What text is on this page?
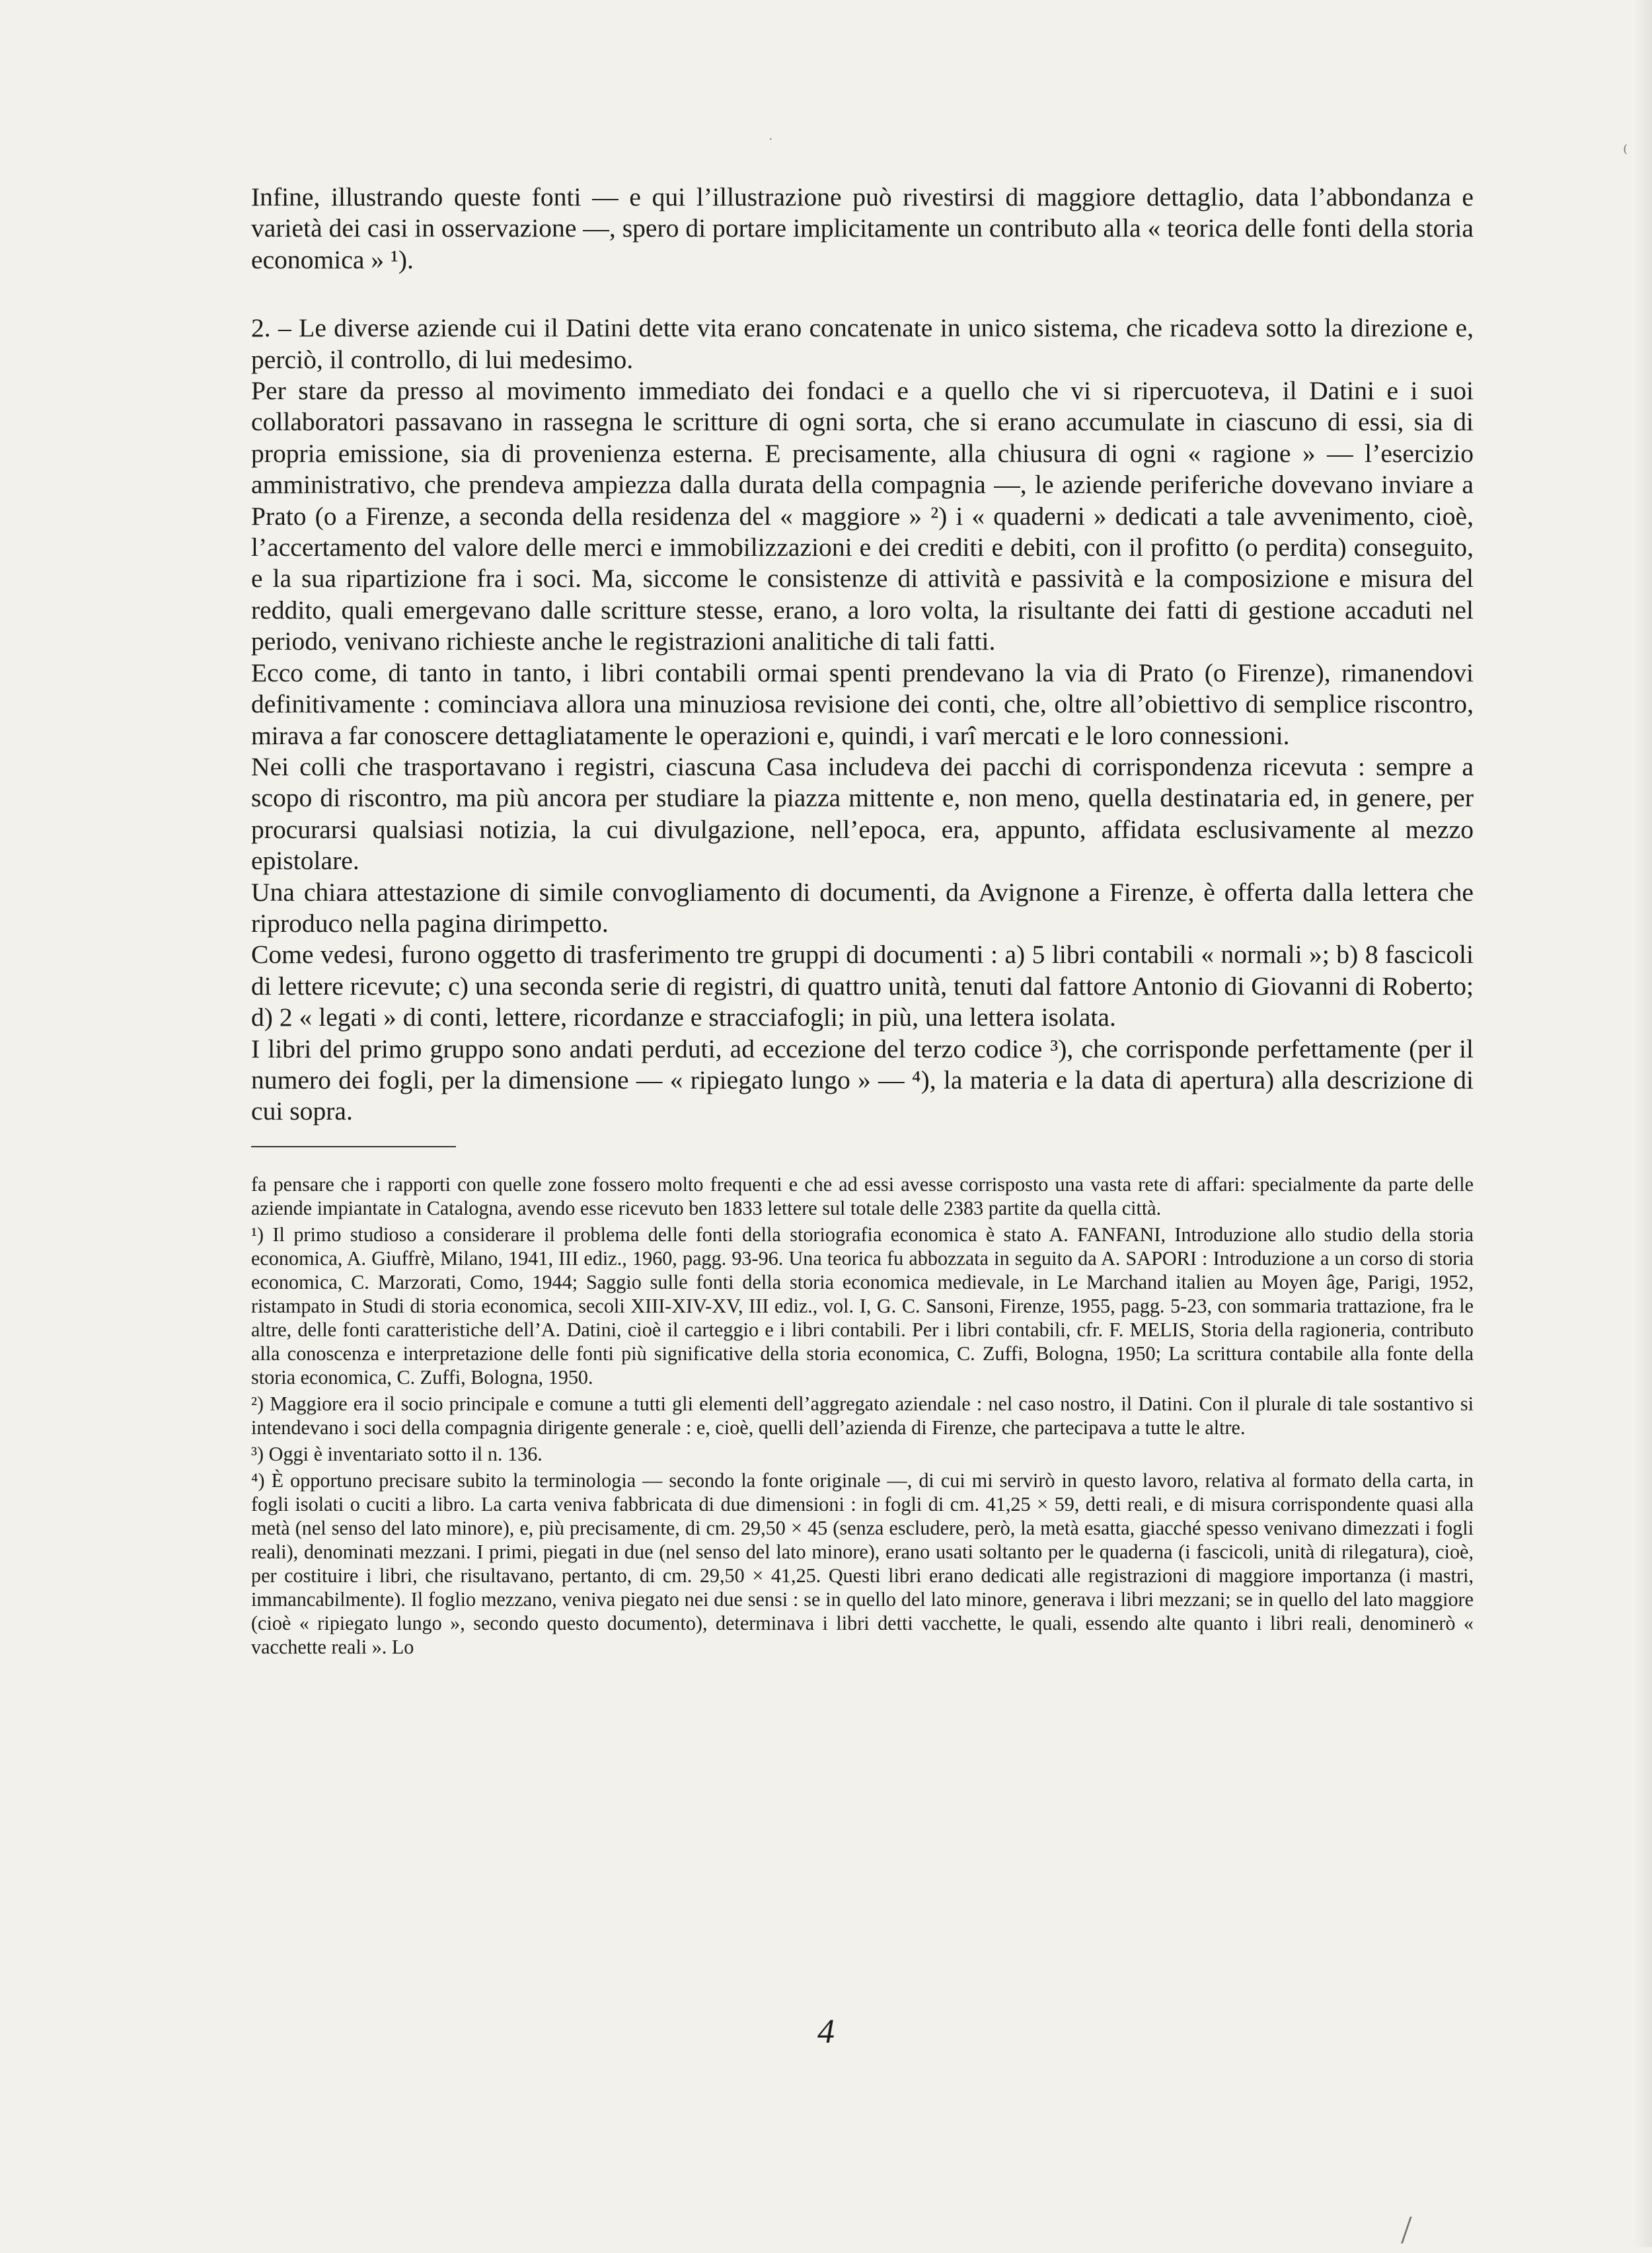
·
⁽
/

Infine, illustrando queste fonti — e qui l’illustrazione può rivestirsi di maggiore dettaglio, data l’abbondanza e varietà dei casi in osservazione —, spero di portare implicitamente un contributo alla « teorica delle fonti della storia economica » ¹).

2. – Le diverse aziende cui il Datini dette vita erano concatenate in unico sistema, che ricadeva sotto la direzione e, perciò, il controllo, di lui medesimo.

Per stare da presso al movimento immediato dei fondaci e a quello che vi si ripercuoteva, il Datini e i suoi collaboratori passavano in rassegna le scritture di ogni sorta, che si erano accumulate in ciascuno di essi, sia di propria emissione, sia di provenienza esterna. E precisamente, alla chiusura di ogni « ragione » — l’esercizio amministrativo, che prendeva ampiezza dalla durata della compagnia —, le aziende periferiche dovevano inviare a Prato (o a Firenze, a seconda della residenza del « maggiore » ²) i « quaderni » dedicati a tale avvenimento, cioè, l’accertamento del valore delle merci e immobilizzazioni e dei crediti e debiti, con il profitto (o perdita) conseguito, e la sua ripartizione fra i soci. Ma, siccome le consistenze di attività e passività e la composizione e misura del reddito, quali emergevano dalle scritture stesse, erano, a loro volta, la risultante dei fatti di gestione accaduti nel periodo, venivano richieste anche le registrazioni analitiche di tali fatti.

Ecco come, di tanto in tanto, i libri contabili ormai spenti prendevano la via di Prato (o Firenze), rimanendovi definitivamente : cominciava allora una minuziosa revisione dei conti, che, oltre all’obiettivo di semplice riscontro, mirava a far conoscere dettagliatamente le operazioni e, quindi, i varî mercati e le loro connessioni.

Nei colli che trasportavano i registri, ciascuna Casa includeva dei pacchi di corrispondenza ricevuta : sempre a scopo di riscontro, ma più ancora per studiare la piazza mittente e, non meno, quella destinataria ed, in genere, per procurarsi qualsiasi notizia, la cui divulgazione, nell’epoca, era, appunto, affidata esclusivamente al mezzo epistolare.

Una chiara attestazione di simile convogliamento di documenti, da Avignone a Firenze, è offerta dalla lettera che riproduco nella pagina dirimpetto.

Come vedesi, furono oggetto di trasferimento tre gruppi di documenti : a) 5 libri contabili « normali »; b) 8 fascicoli di lettere ricevute; c) una seconda serie di registri, di quattro unità, tenuti dal fattore Antonio di Giovanni di Roberto; d) 2 « legati » di conti, lettere, ricordanze e stracciafogli; in più, una lettera isolata.

I libri del primo gruppo sono andati perduti, ad eccezione del terzo codice ³), che corrisponde perfettamente (per il numero dei fogli, per la dimensione — « ripiegato lungo » — ⁴), la materia e la data di apertura) alla descrizione di cui sopra.

fa pensare che i rapporti con quelle zone fossero molto frequenti e che ad essi avesse corrisposto una vasta rete di affari: specialmente da parte delle aziende impiantate in Catalogna, avendo esse ricevuto ben 1833 lettere sul totale delle 2383 partite da quella città.

¹) Il primo studioso a considerare il problema delle fonti della storiografia economica è stato A. FANFANI, Introduzione allo studio della storia economica, A. Giuffrè, Milano, 1941, III ediz., 1960, pagg. 93-96. Una teorica fu abbozzata in seguito da A. SAPORI : Introduzione a un corso di storia economica, C. Marzorati, Como, 1944; Saggio sulle fonti della storia economica medievale, in Le Marchand italien au Moyen âge, Parigi, 1952, ristampato in Studi di storia economica, secoli XIII-XIV-XV, III ediz., vol. I, G. C. Sansoni, Firenze, 1955, pagg. 5-23, con sommaria trattazione, fra le altre, delle fonti caratteristiche dell’A. Datini, cioè il carteggio e i libri contabili. Per i libri contabili, cfr. F. MELIS, Storia della ragioneria, contributo alla conoscenza e interpretazione delle fonti più significative della storia economica, C. Zuffi, Bologna, 1950; La scrittura contabile alla fonte della storia economica, C. Zuffi, Bologna, 1950.

²) Maggiore era il socio principale e comune a tutti gli elementi dell’aggregato aziendale : nel caso nostro, il Datini. Con il plurale di tale sostantivo si intendevano i soci della compagnia dirigente generale : e, cioè, quelli dell’azienda di Firenze, che partecipava a tutte le altre.

³) Oggi è inventariato sotto il n. 136.

⁴) È opportuno precisare subito la terminologia — secondo la fonte originale —, di cui mi servirò in questo lavoro, relativa al formato della carta, in fogli isolati o cuciti a libro. La carta veniva fabbricata di due dimensioni : in fogli di cm. 41,25 × 59, detti reali, e di misura corrispondente quasi alla metà (nel senso del lato minore), e, più precisamente, di cm. 29,50 × 45 (senza escludere, però, la metà esatta, giacché spesso venivano dimezzati i fogli reali), denominati mezzani. I primi, piegati in due (nel senso del lato minore), erano usati soltanto per le quaderna (i fascicoli, unità di rilegatura), cioè, per costituire i libri, che risultavano, pertanto, di cm. 29,50 × 41,25. Questi libri erano dedicati alle registrazioni di maggiore importanza (i mastri, immancabilmente). Il foglio mezzano, veniva piegato nei due sensi : se in quello del lato minore, generava i libri mezzani; se in quello del lato maggiore (cioè « ripiegato lungo », secondo questo documento), determinava i libri detti vacchette, le quali, essendo alte quanto i libri reali, denominerò « vacchette reali ». Lo

4
